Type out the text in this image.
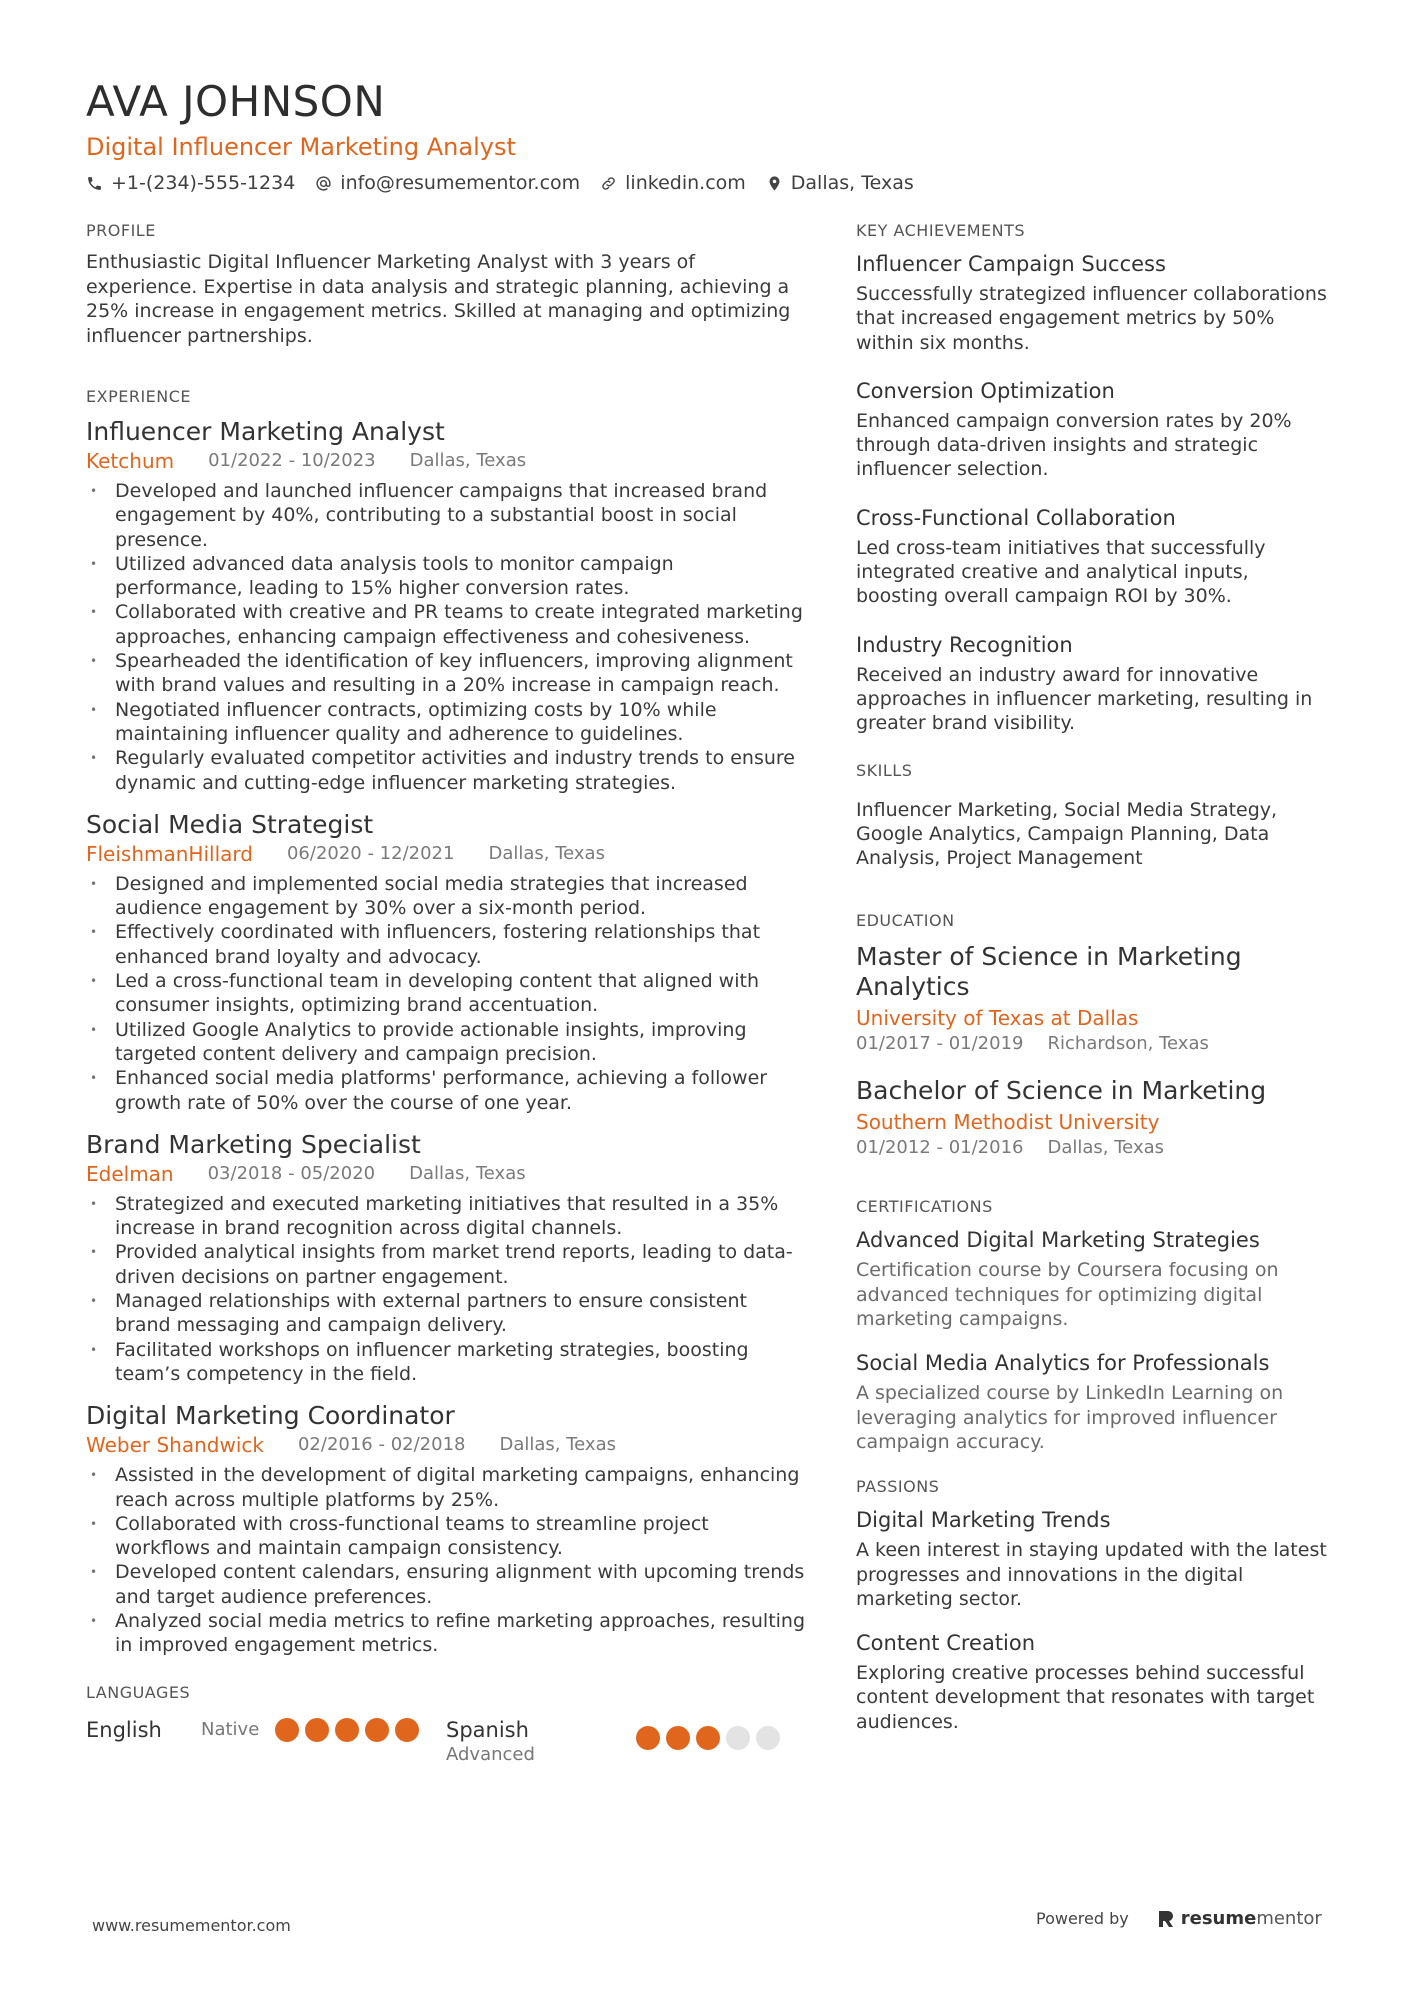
AVA JOHNSON
Digital Influencer Marketing Analyst
+1-(234)-555-1234 info@resumementor.com linkedin.com Dallas, Texas
PROFILE
Enthusiastic Digital Influencer Marketing Analyst with 3 years of experience. Expertise in data analysis and strategic planning, achieving a 25% increase in engagement metrics. Skilled at managing and optimizing influencer partnerships.
EXPERIENCE
Influencer Marketing Analyst
Ketchum 01/2022 - 10/2023 Dallas, Texas
• Developed and launched influencer campaigns that increased brand engagement by 40%, contributing to a substantial boost in social presence.
• Utilized advanced data analysis tools to monitor campaign performance, leading to 15% higher conversion rates.
• Collaborated with creative and PR teams to create integrated marketing approaches, enhancing campaign effectiveness and cohesiveness.
• Spearheaded the identification of key influencers, improving alignment with brand values and resulting in a 20% increase in campaign reach.
• Negotiated influencer contracts, optimizing costs by 10% while maintaining influencer quality and adherence to guidelines.
• Regularly evaluated competitor activities and industry trends to ensure dynamic and cutting-edge influencer marketing strategies.
Social Media Strategist
FleishmanHillard 06/2020 - 12/2021 Dallas, Texas
• Designed and implemented social media strategies that increased audience engagement by 30% over a six-month period.
• Effectively coordinated with influencers, fostering relationships that enhanced brand loyalty and advocacy.
• Led a cross-functional team in developing content that aligned with consumer insights, optimizing brand accentuation.
• Utilized Google Analytics to provide actionable insights, improving targeted content delivery and campaign precision.
• Enhanced social media platforms' performance, achieving a follower growth rate of 50% over the course of one year.
Brand Marketing Specialist
Edelman 03/2018 - 05/2020 Dallas, Texas
• Strategized and executed marketing initiatives that resulted in a 35% increase in brand recognition across digital channels.
• Provided analytical insights from market trend reports, leading to data-driven decisions on partner engagement.
• Managed relationships with external partners to ensure consistent brand messaging and campaign delivery.
• Facilitated workshops on influencer marketing strategies, boosting team’s competency in the field.
Digital Marketing Coordinator
Weber Shandwick 02/2016 - 02/2018 Dallas, Texas
• Assisted in the development of digital marketing campaigns, enhancing reach across multiple platforms by 25%.
• Collaborated with cross-functional teams to streamline project workflows and maintain campaign consistency.
• Developed content calendars, ensuring alignment with upcoming trends and target audience preferences.
• Analyzed social media metrics to refine marketing approaches, resulting in improved engagement metrics.
LANGUAGES
English	Native	Spanish
Advanced
KEY ACHIEVEMENTS
Influencer Campaign Success
Successfully strategized influencer collaborations that increased engagement metrics by 50% within six months.
Conversion Optimization
Enhanced campaign conversion rates by 20% through data-driven insights and strategic influencer selection.
Cross-Functional Collaboration
Led cross-team initiatives that successfully integrated creative and analytical inputs, boosting overall campaign ROI by 30%.
Industry Recognition
Received an industry award for innovative approaches in influencer marketing, resulting in greater brand visibility.
SKILLS
Influencer Marketing, Social Media Strategy, Google Analytics, Campaign Planning, Data Analysis, Project Management
EDUCATION
Master of Science in Marketing Analytics
University of Texas at Dallas
01/2017 - 01/2019 Richardson, Texas
Bachelor of Science in Marketing
Southern Methodist University
01/2012 - 01/2016 Dallas, Texas
CERTIFICATIONS
Advanced Digital Marketing Strategies
Certification course by Coursera focusing on advanced techniques for optimizing digital marketing campaigns.
Social Media Analytics for Professionals
A specialized course by LinkedIn Learning on leveraging analytics for improved influencer campaign accuracy.
PASSIONS
Digital Marketing Trends
A keen interest in staying updated with the latest progresses and innovations in the digital marketing sector.
Content Creation
Exploring creative processes behind successful content development that resonates with target audiences.
www.resumementor.com	Powered by	resume mentor
